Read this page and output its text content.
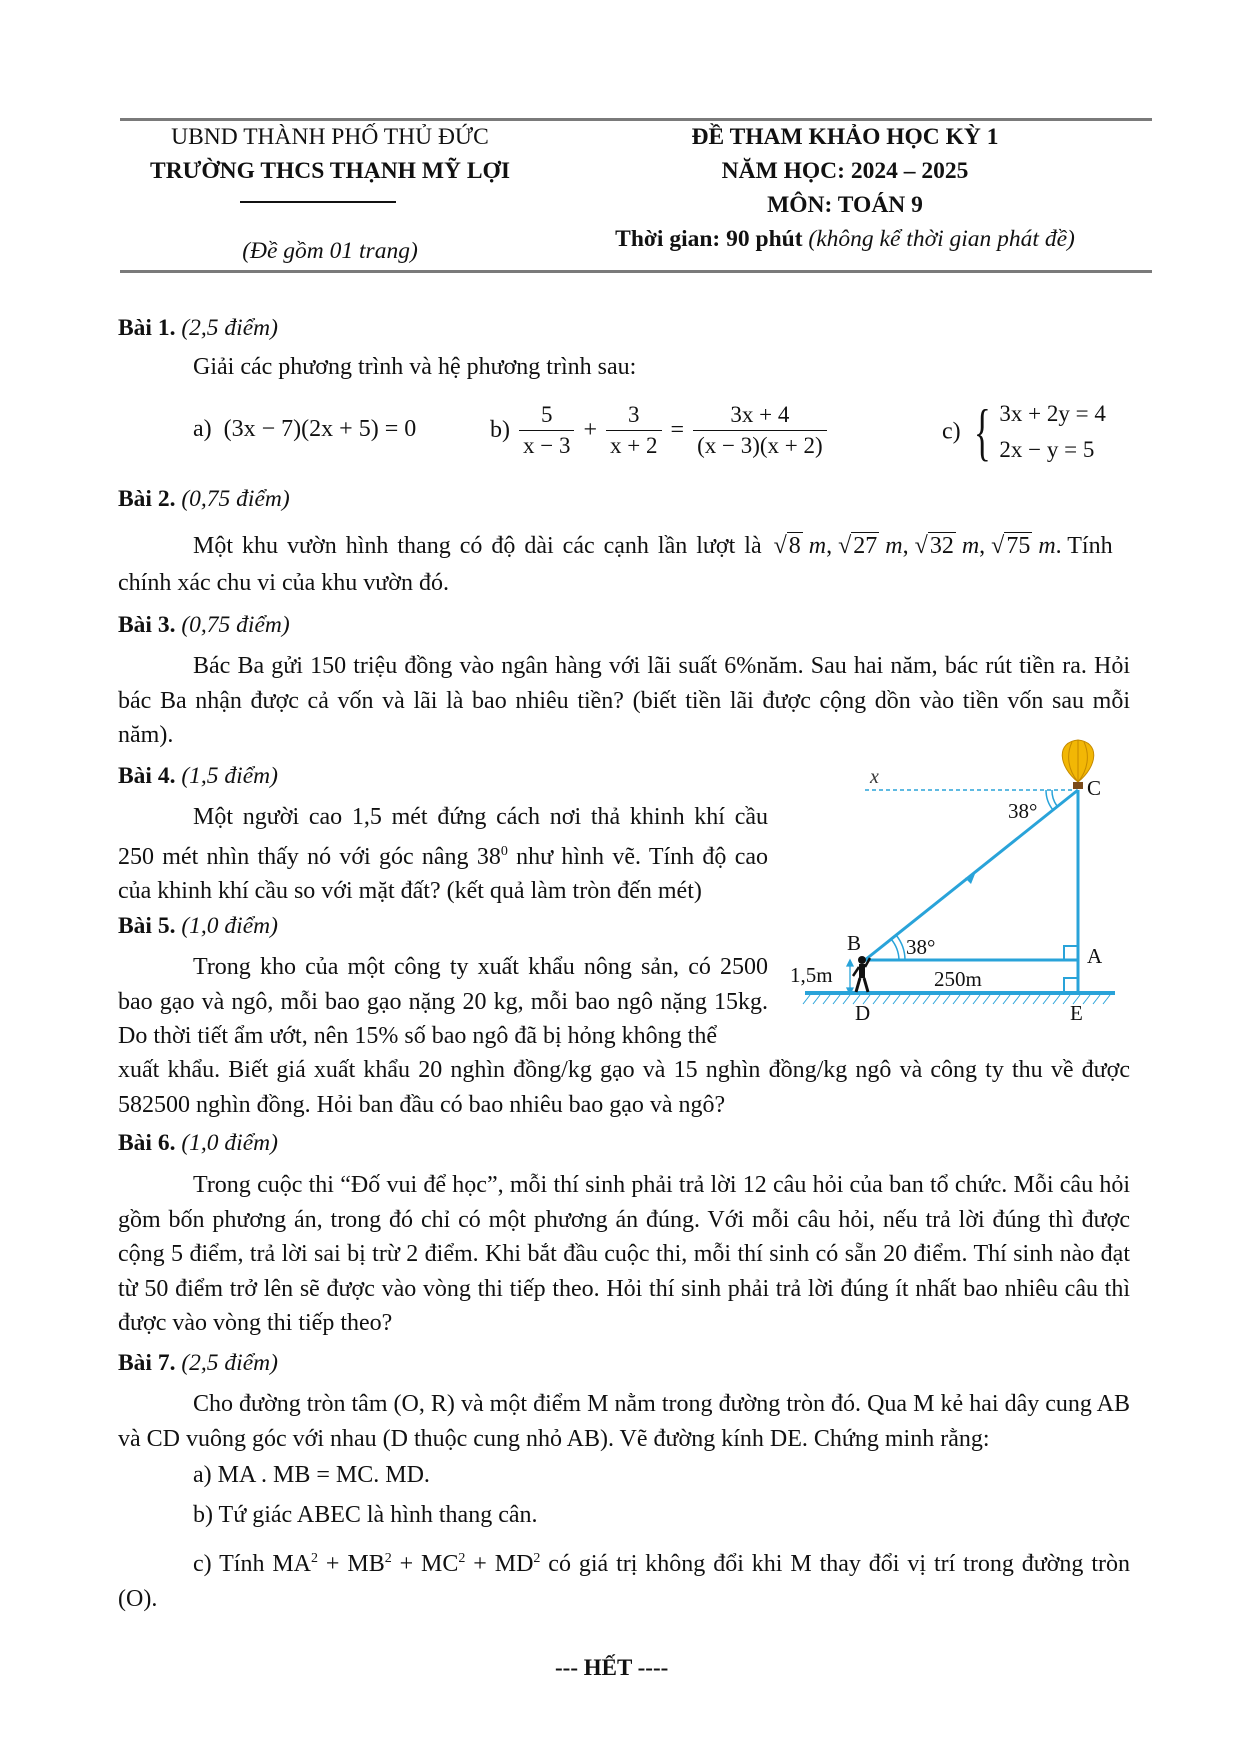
UBND THÀNH PHỐ THỦ ĐỨC
TRƯỜNG THCS THẠNH MỸ LỢI
(Đề gồm 01 trang)
ĐỀ THAM KHẢO HỌC KỲ 1
NĂM HỌC: 2024 – 2025
MÔN: TOÁN 9
Thời gian: 90 phút (không kể thời gian phát đề)
Bài 1. (2,5 điểm)
Giải các phương trình và hệ phương trình sau:
a) (3x − 7)(2x + 5) = 0	$b) \frac{5}{x - 3} + \frac{3}{x + 2} = \frac{3x + 4}{(x - 3)(x + 2)}$	c) { 3x + 2y = 4
2x − y = 5
Bài 2. (0,75 điểm)
Một khu vườn hình thang có độ dài các cạnh lần lượt là √8 m, √27 m, √32 m, √75 m. Tính
chính xác chu vi của khu vườn đó.
Bài 3. (0,75 điểm)
Bác Ba gửi 150 triệu đồng vào ngân hàng với lãi suất 6%năm. Sau hai năm, bác rút tiền ra. Hỏi bác Ba nhận được cả vốn và lãi là bao nhiêu tiền? (biết tiền lãi được cộng dồn vào tiền vốn sau mỗi năm).
Bài 4. (1,5 điểm)
Một người cao 1,5 mét đứng cách nơi thả khinh khí cầu 250 mét nhìn thấy nó với góc nâng $38^0$ như hình vẽ. Tính độ cao của khinh khí cầu so với mặt đất? (kết quả làm tròn đến mét)
x
38°
C
B 38°	A
1,5m	250m
D	E
Bài 5. (1,0 điểm)
Trong kho của một công ty xuất khẩu nông sản, có 2500 bao gạo và ngô, mỗi bao gạo nặng 20 kg, mỗi bao ngô nặng 15kg. Do thời tiết ẩm ướt, nên 15% số bao ngô đã bị hỏng không thể
xuất khẩu. Biết giá xuất khẩu 20 nghìn đồng/kg gạo và 15 nghìn đồng/kg ngô và công ty thu về được 582500 nghìn đồng. Hỏi ban đầu có bao nhiêu bao gạo và ngô?
Bài 6. (1,0 điểm)
Trong cuộc thi “Đố vui để học”, mỗi thí sinh phải trả lời 12 câu hỏi của ban tổ chức. Mỗi câu hỏi gồm bốn phương án, trong đó chỉ có một phương án đúng. Với mỗi câu hỏi, nếu trả lời đúng thì được cộng 5 điểm, trả lời sai bị trừ 2 điểm. Khi bắt đầu cuộc thi, mỗi thí sinh có sẵn 20 điểm. Thí sinh nào đạt từ 50 điểm trở lên sẽ được vào vòng thi tiếp theo. Hỏi thí sinh phải trả lời đúng ít nhất bao nhiêu câu thì được vào vòng thi tiếp theo?
Bài 7. (2,5 điểm)
Cho đường tròn tâm (O, R) và một điểm M nằm trong đường tròn đó. Qua M kẻ hai dây cung AB và CD vuông góc với nhau (D thuộc cung nhỏ AB). Vẽ đường kính DE. Chứng minh rằng:
a) MA . MB = MC. MD.
b) Tứ giác ABEC là hình thang cân.
c) Tính $MA^2 + MB^2 + MC^2 + MD^2$ có giá trị không đổi khi M thay đổi vị trí trong đường tròn (O).
--- HẾT ----
